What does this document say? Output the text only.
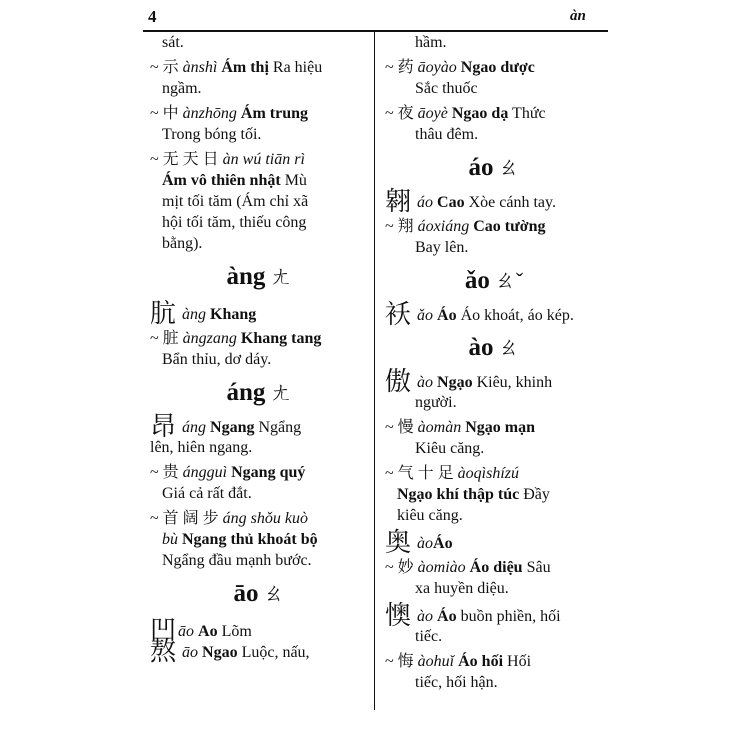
4	àn
sát.
~ 示 ànshì Ám thị Ra hiệu
ngầm.
~ 中 ànzhōng Ám trung
Trong bóng tối.
~ 无 天 日 àn wú tiān rì
Ám vô thiên nhật Mù
mịt tối tăm (Ám chỉ xã
hội tối tăm, thiếu công
bằng).
àng ㄤ
肮 àng Khang
~ 脏 àngzang Khang tang
Bẩn thỉu, dơ dáy.
áng ㄤ
昂 áng Ngang Ngẩng
lên, hiên ngang.
~ 贵 ángguì Ngang quý
Giá cả rất đắt.
~ 首 阔 步 áng shǒu kuò
bù Ngang thủ khoát bộ
Ngẩng đầu mạnh bước.
āo ㄠ
凹āo Ao Lõm
熬 āo Ngao Luộc, nấu,
hầm.
~ 药 āoyào Ngao dược
Sắc thuốc
~ 夜 āoyè Ngao dạ Thức
thâu đêm.
áo ㄠ
翱 áo Cao Xòe cánh tay.
~ 翔 áoxiáng Cao tường
Bay lên.
ǎo ㄠˇ
袄 ǎo Áo Áo khoát, áo kép.
ào ㄠ
傲 ào Ngạo Kiêu, khinh
người.
~ 慢 àomàn Ngạo mạn
Kiêu căng.
~ 气 十 足 àoqìshízú
Ngạo khí thập túc Đầy
kiêu căng.
奥 àoÁo
~ 妙 àomiào Áo diệu Sâu
xa huyền diệu.
懊 ào Áo buồn phiền, hối
tiếc.
~ 悔 àohuǐ Áo hối Hối
tiếc, hối hận.
